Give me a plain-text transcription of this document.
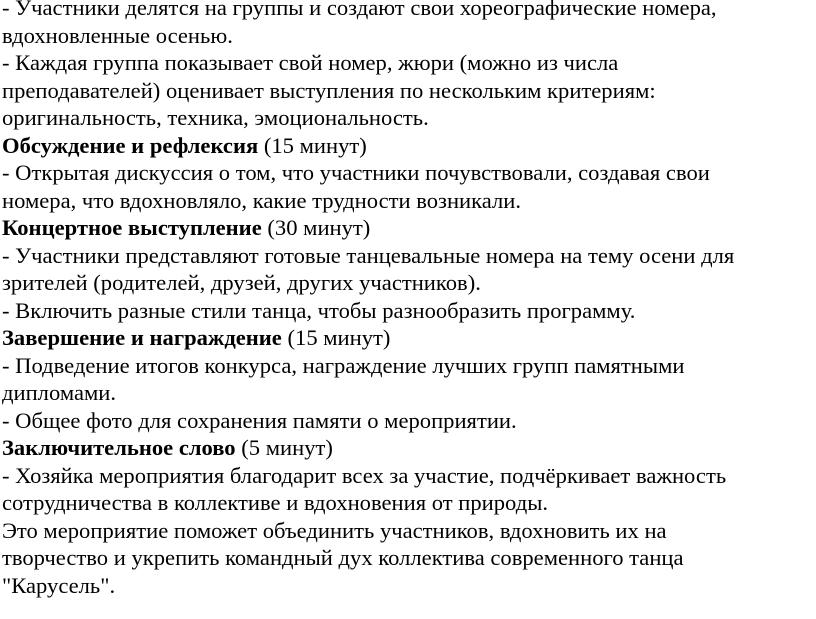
- Участники делятся на группы и создают свои хореографические номера,

вдохновленные осенью.

- Каждая группа показывает свой номер, жюри (можно из числа

преподавателей) оценивает выступления по нескольким критериям:

оригинальность, техника, эмоциональность.

Обсуждение и рефлексия (15 минут)

- Открытая дискуссия о том, что участники почувствовали, создавая свои

номера, что вдохновляло, какие трудности возникали.

Концертное выступление (30 минут)

- Участники представляют готовые танцевальные номера на тему осени для

зрителей (родителей, друзей, других участников).

- Включить разные стили танца, чтобы разнообразить программу.

Завершение и награждение (15 минут)

- Подведение итогов конкурса, награждение лучших групп памятными

дипломами.

- Общее фото для сохранения памяти о мероприятии.

Заключительное слово (5 минут)

- Хозяйка мероприятия благодарит всех за участие, подчёркивает важность

сотрудничества в коллективе и вдохновения от природы.

Это мероприятие поможет объединить участников, вдохновить их на

творчество и укрепить командный дух коллектива современного танца

"Карусель".
